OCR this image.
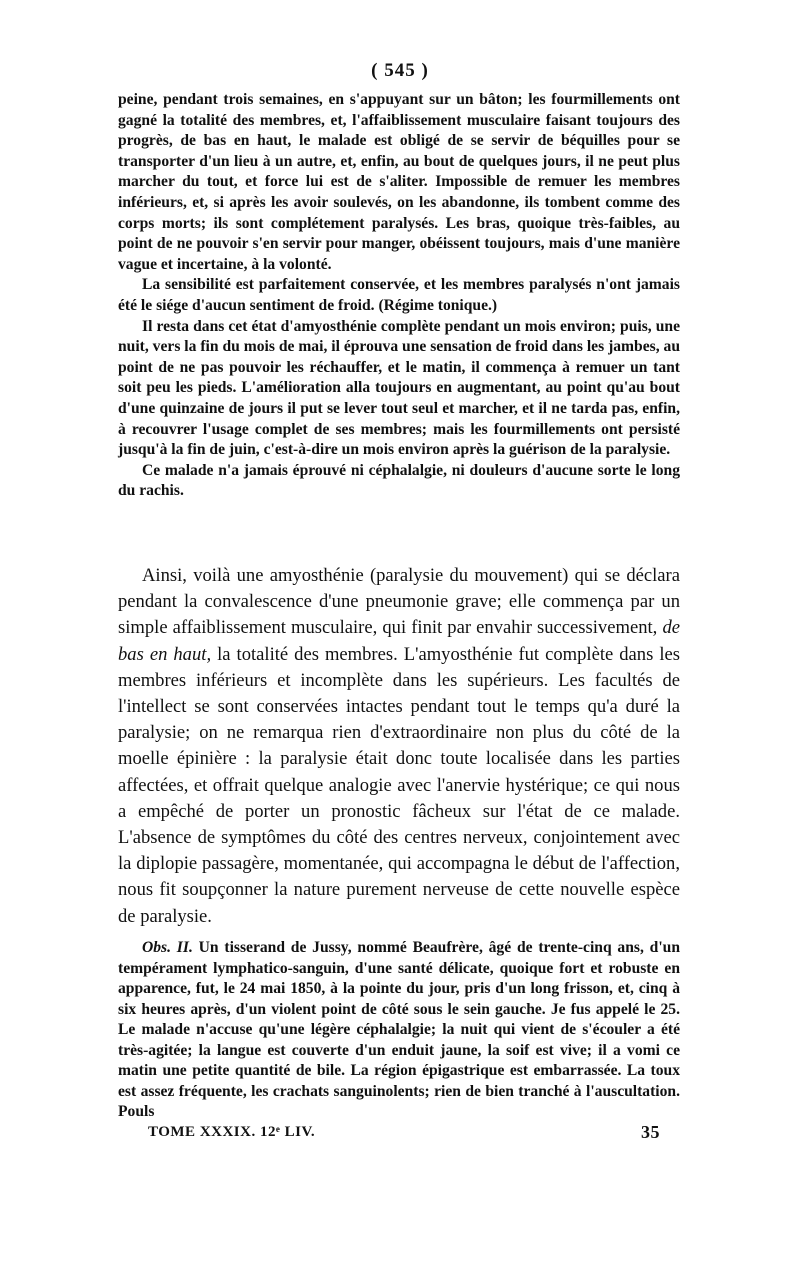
( 545 )

peine, pendant trois semaines, en s'appuyant sur un bâton; les fourmillements ont gagné la totalité des membres, et, l'affaiblissement musculaire faisant toujours des progrès, de bas en haut, le malade est obligé de se servir de béquilles pour se transporter d'un lieu à un autre, et, enfin, au bout de quelques jours, il ne peut plus marcher du tout, et force lui est de s'aliter. Impossible de remuer les membres inférieurs, et, si après les avoir soulevés, on les abandonne, ils tombent comme des corps morts; ils sont complétement paralysés. Les bras, quoique très-faibles, au point de ne pouvoir s'en servir pour manger, obéissent toujours, mais d'une manière vague et incertaine, à la volonté.

La sensibilité est parfaitement conservée, et les membres paralysés n'ont jamais été le siége d'aucun sentiment de froid. (Régime tonique.)

Il resta dans cet état d'amyosthénie complète pendant un mois environ; puis, une nuit, vers la fin du mois de mai, il éprouva une sensation de froid dans les jambes, au point de ne pas pouvoir les réchauffer, et le matin, il commença à remuer un tant soit peu les pieds. L'amélioration alla toujours en augmentant, au point qu'au bout d'une quinzaine de jours il put se lever tout seul et marcher, et il ne tarda pas, enfin, à recouvrer l'usage complet de ses membres; mais les fourmillements ont persisté jusqu'à la fin de juin, c'est-à-dire un mois environ après la guérison de la paralysie.

Ce malade n'a jamais éprouvé ni céphalalgie, ni douleurs d'aucune sorte le long du rachis.

Ainsi, voilà une amyosthénie (paralysie du mouvement) qui se déclara pendant la convalescence d'une pneumonie grave; elle commença par un simple affaiblissement musculaire, qui finit par envahir successivement, de bas en haut, la totalité des membres. L'amyosthénie fut complète dans les membres inférieurs et incomplète dans les supérieurs. Les facultés de l'intellect se sont conservées intactes pendant tout le temps qu'a duré la paralysie; on ne remarqua rien d'extraordinaire non plus du côté de la moelle épinière : la paralysie était donc toute localisée dans les parties affectées, et offrait quelque analogie avec l'anervie hystérique; ce qui nous a empêché de porter un pronostic fâcheux sur l'état de ce malade. L'absence de symptômes du côté des centres nerveux, conjointement avec la diplopie passagère, momentanée, qui accompagna le début de l'affection, nous fit soupçonner la nature purement nerveuse de cette nouvelle espèce de paralysie.

Obs. II. Un tisserand de Jussy, nommé Beaufrère, âgé de trente-cinq ans, d'un tempérament lymphatico-sanguin, d'une santé délicate, quoique fort et robuste en apparence, fut, le 24 mai 1850, à la pointe du jour, pris d'un long frisson, et, cinq à six heures après, d'un violent point de côté sous le sein gauche. Je fus appelé le 25. Le malade n'accuse qu'une légère céphalalgie; la nuit qui vient de s'écouler a été très-agitée; la langue est couverte d'un enduit jaune, la soif est vive; il a vomi ce matin une petite quantité de bile. La région épigastrique est embarrassée. La toux est assez fréquente, les crachats sanguinolents; rien de bien tranché à l'auscultation. Pouls

TOME XXXIX. 12ᵉ LIV.	35
